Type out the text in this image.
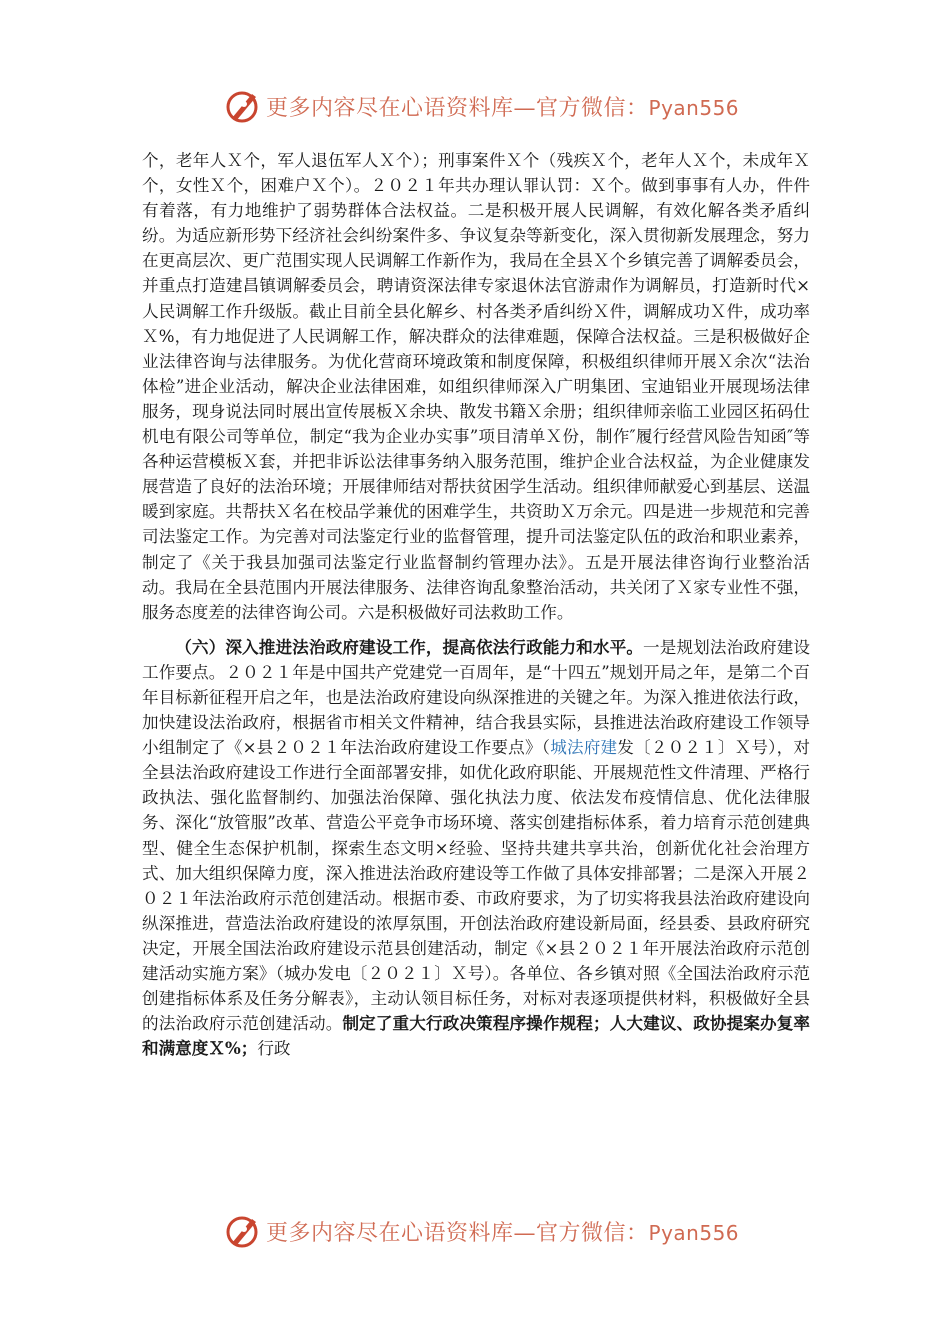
更多内容尽在心语资料库—官方微信：Pyan556

个，老年人Ｘ个，军人退伍军人Ｘ个）；刑事案件Ｘ个（残疾Ｘ个，老年人Ｘ个，未成年Ｘ个，女性Ｘ个，困难户Ｘ个）。２０２１年共办理认罪认罚：Ｘ个。做到事事有人办，件件有着落，有力地维护了弱势群体合法权益。二是积极开展人民调解，有效化解各类矛盾纠纷。为适应新形势下经济社会纠纷案件多、争议复杂等新变化，深入贯彻新发展理念，努力在更高层次、更广范围实现人民调解工作新作为，我局在全县Ｘ个乡镇完善了调解委员会，并重点打造建昌镇调解委员会，聘请资深法律专家退休法官游肃作为调解员，打造新时代×人民调解工作升级版。截止目前全县化解乡、村各类矛盾纠纷Ｘ件，调解成功Ｘ件，成功率Ｘ%，有力地促进了人民调解工作，解决群众的法律难题，保障合法权益。三是积极做好企业法律咨询与法律服务。为优化营商环境政策和制度保障，积极组织律师开展Ｘ余次“法治体检”进企业活动，解决企业法律困难，如组织律师深入广明集团、宝迪铝业开展现场法律服务，现身说法同时展出宣传展板Ｘ余块、散发书籍Ｘ余册；组织律师亲临工业园区拓码仕机电有限公司等单位，制定“我为企业办实事”项目清单Ｘ份，制作″履行经营风险告知函″等各种运营模板Ｘ套，并把非诉讼法律事务纳入服务范围，维护企业合法权益，为企业健康发展营造了良好的法治环境；开展律师结对帮扶贫困学生活动。组织律师献爱心到基层、送温暖到家庭。共帮扶Ｘ名在校品学兼优的困难学生，共资助Ｘ万余元。四是进一步规范和完善司法鉴定工作。为完善对司法鉴定行业的监督管理，提升司法鉴定队伍的政治和职业素养，制定了《关于我县加强司法鉴定行业监督制约管理办法》。五是开展法律咨询行业整治活动。我局在全县范围内开展法律服务、法律咨询乱象整治活动，共关闭了Ｘ家专业性不强，服务态度差的法律咨询公司。六是积极做好司法救助工作。

（六）深入推进法治政府建设工作，提高依法行政能力和水平。一是规划法治政府建设工作要点。２０２１年是中国共产党建党一百周年，是“十四五”规划开局之年，是第二个百年目标新征程开启之年，也是法治政府建设向纵深推进的关键之年。为深入推进依法行政，加快建设法治政府，根据省市相关文件精神，结合我县实际，县推进法治政府建设工作领导小组制定了《×县２０２１年法治政府建设工作要点》（城法府建发〔２０２１〕Ｘ号），对全县法治政府建设工作进行全面部署安排，如优化政府职能、开展规范性文件清理、严格行政执法、强化监督制约、加强法治保障、强化执法力度、依法发布疫情信息、优化法律服务、深化“放管服”改革、营造公平竞争市场环境、落实创建指标体系，着力培育示范创建典型、健全生态保护机制，探索生态文明×经验、坚持共建共享共治，创新优化社会治理方式、加大组织保障力度，深入推进法治政府建设等工作做了具体安排部署；二是深入开展２０２１年法治政府示范创建活动。根据市委、市政府要求，为了切实将我县法治政府建设向纵深推进，营造法治政府建设的浓厚氛围，开创法治政府建设新局面，经县委、县政府研究决定，开展全国法治政府建设示范县创建活动，制定《×县２０２１年开展法治政府示范创建活动实施方案》（城办发电〔２０２１〕Ｘ号）。各单位、各乡镇对照《全国法治政府示范创建指标体系及任务分解表》，主动认领目标任务，对标对表逐项提供材料，积极做好全县的法治政府示范创建活动。制定了重大行政决策程序操作规程；人大建议、政协提案办复率和满意度Ｘ%；行政

更多内容尽在心语资料库—官方微信：Pyan556
